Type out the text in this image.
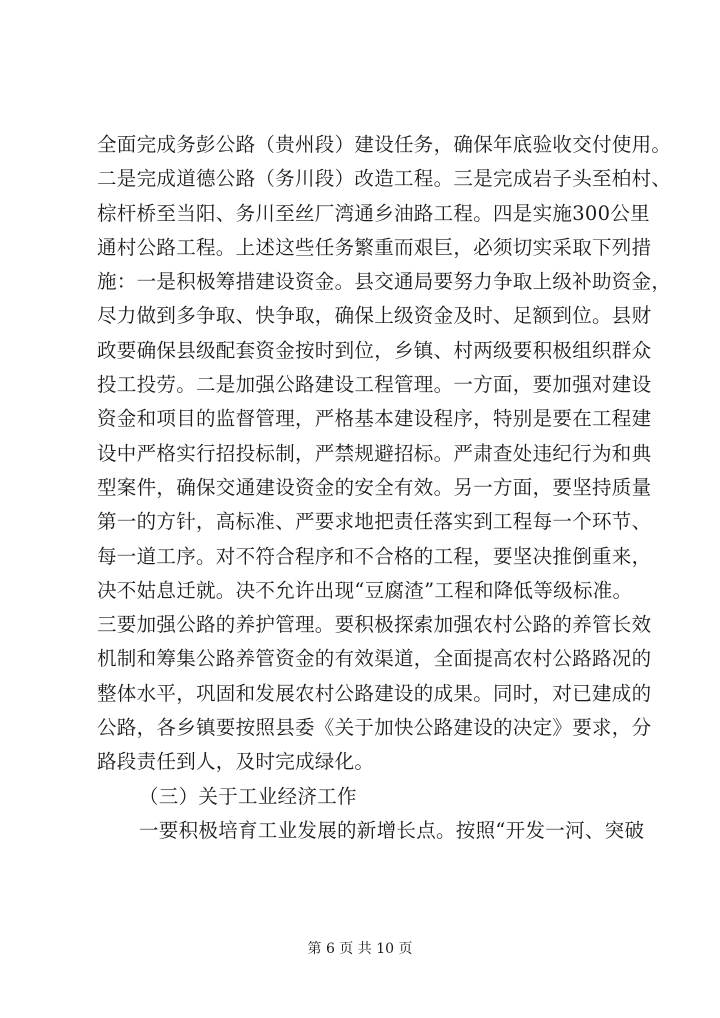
全面完成务彭公路（贵州段）建设任务，确保年底验收交付使用。
二是完成道德公路（务川段）改造工程。三是完成岩子头至柏村、
棕杆桥至当阳、务川至丝厂湾通乡油路工程。四是实施300公里
通村公路工程。上述这些任务繁重而艰巨，必须切实采取下列措
施：一是积极筹措建设资金。县交通局要努力争取上级补助资金，
尽力做到多争取、快争取，确保上级资金及时、足额到位。县财
政要确保县级配套资金按时到位，乡镇、村两级要积极组织群众
投工投劳。二是加强公路建设工程管理。一方面，要加强对建设
资金和项目的监督管理，严格基本建设程序，特别是要在工程建
设中严格实行招投标制，严禁规避招标。严肃查处违纪行为和典
型案件，确保交通建设资金的安全有效。另一方面，要坚持质量
第一的方针，高标准、严要求地把责任落实到工程每一个环节、
每一道工序。对不符合程序和不合格的工程，要坚决推倒重来，
决不姑息迁就。决不允许出现“豆腐渣”工程和降低等级标准。
三要加强公路的养护管理。要积极探索加强农村公路的养管长效
机制和筹集公路养管资金的有效渠道，全面提高农村公路路况的
整体水平，巩固和发展农村公路建设的成果。同时，对已建成的
公路，各乡镇要按照县委《关于加快公路建设的决定》要求，分
路段责任到人，及时完成绿化。
（三）关于工业经济工作
一要积极培育工业发展的新增长点。按照“开发一河、突破
第 6 页 共 10 页
